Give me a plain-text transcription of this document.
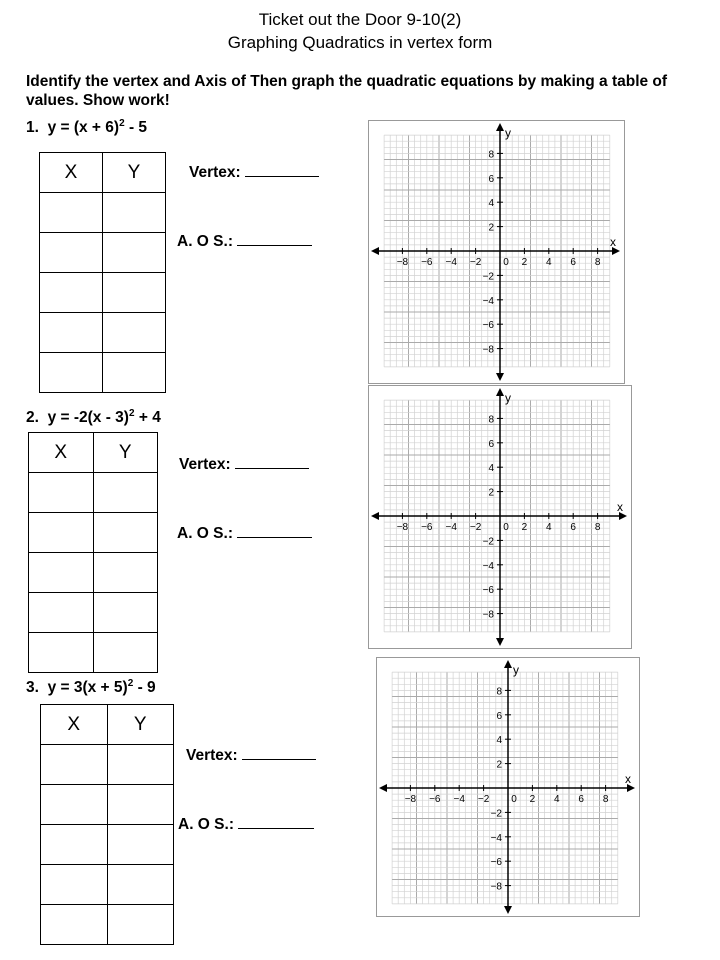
Ticket out the Door 9-10(2)
Graphing Quadratics in vertex form
Identify the vertex and Axis of Then graph the quadratic equations by making a table of values. Show work!
1. $y = (x + 6)^2 - 5$
X	Y

		Vertex:
A. O S.:	x
y
−8 −6 −4 −2 0 2 4 6 8
8
6
4
2
−2
−4
−6
−8
2. y = -2(x - 3)$^2$ + 4
X	Y

Vertex:
A. O S.:
x
y
−8 −6 −4 −2 0 2 4 6 8
8
6
4
2
−2
−4
−6
−8
3. $y = 3(x + 5)^2 - 9$
X	Y

Vertex:
A. O S.:
x
y
−8 −6 −4 −2 0 2 4 6 8
8
6
4
2
−2
−4
−6
−8
